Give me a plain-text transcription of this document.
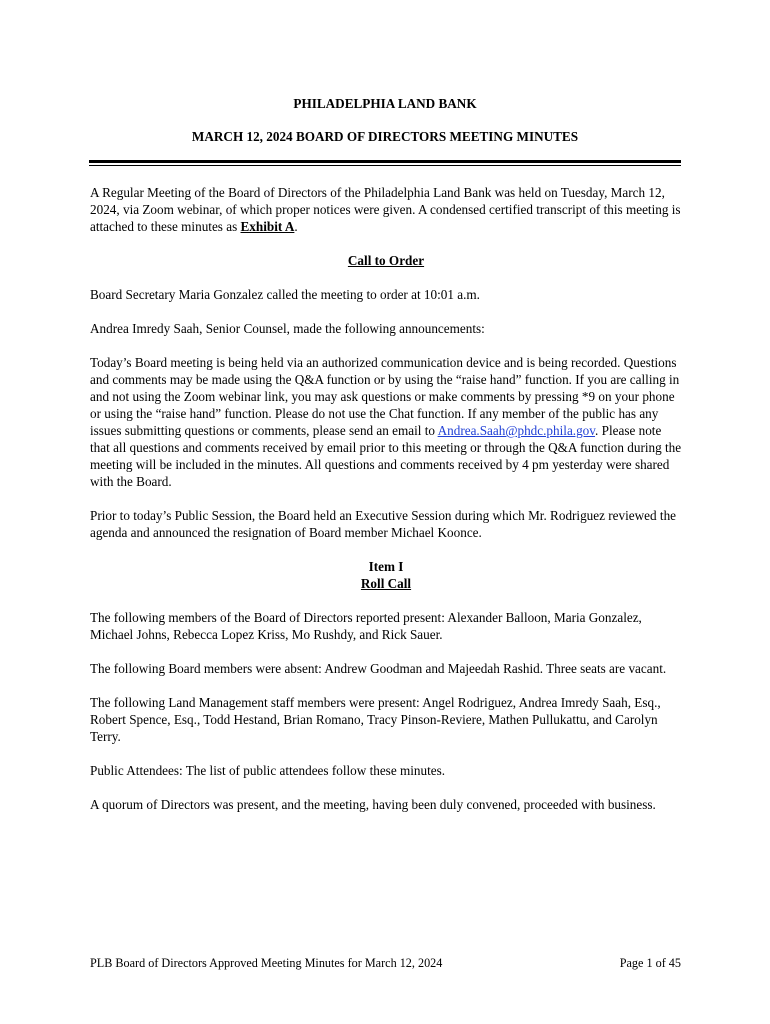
PHILADELPHIA LAND BANK
MARCH 12, 2024 BOARD OF DIRECTORS MEETING MINUTES

A Regular Meeting of the Board of Directors of the Philadelphia Land Bank was held on Tuesday, March 12, 2024, via Zoom webinar, of which proper notices were given. A condensed certified transcript of this meeting is attached to these minutes as Exhibit A.

Call to Order

Board Secretary Maria Gonzalez called the meeting to order at 10:01 a.m.

Andrea Imredy Saah, Senior Counsel, made the following announcements:

Today’s Board meeting is being held via an authorized communication device and is being recorded. Questions and comments may be made using the Q&A function or by using the “raise hand” function. If you are calling in and not using the Zoom webinar link, you may ask questions or make comments by pressing *9 on your phone or using the “raise hand” function. Please do not use the Chat function. If any member of the public has any issues submitting questions or comments, please send an email to Andrea.Saah@phdc.phila.gov. Please note that all questions and comments received by email prior to this meeting or through the Q&A function during the meeting will be included in the minutes. All questions and comments received by 4 pm yesterday were shared with the Board.

Prior to today’s Public Session, the Board held an Executive Session during which Mr. Rodriguez reviewed the agenda and announced the resignation of Board member Michael Koonce.

Item I

Roll Call

The following members of the Board of Directors reported present: Alexander Balloon, Maria Gonzalez, Michael Johns, Rebecca Lopez Kriss, Mo Rushdy, and Rick Sauer.

The following Board members were absent: Andrew Goodman and Majeedah Rashid. Three seats are vacant.

The following Land Management staff members were present: Angel Rodriguez, Andrea Imredy Saah, Esq., Robert Spence, Esq., Todd Hestand, Brian Romano, Tracy Pinson-Reviere, Mathen Pullukattu, and Carolyn Terry.

Public Attendees: The list of public attendees follow these minutes.

A quorum of Directors was present, and the meeting, having been duly convened, proceeded with business.

PLB Board of Directors Approved Meeting Minutes for March 12, 2024	Page 1 of 45
